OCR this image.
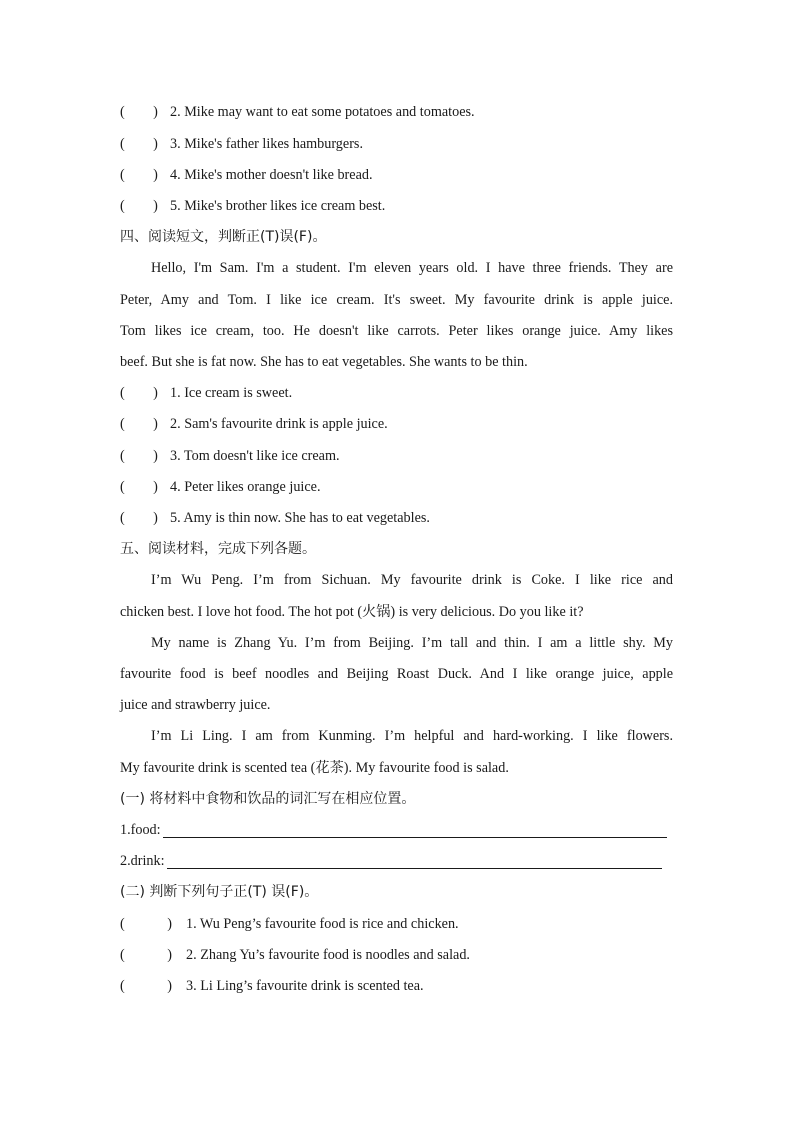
(        ) 2. Mike may want to eat some potatoes and tomatoes.
(        ) 3. Mike's father likes hamburgers.
(        ) 4. Mike's mother doesn't like bread.
(        ) 5. Mike's brother likes ice cream best.
四、阅读短文，判断正(T)误(F)。
Hello, I'm Sam. I'm a student. I'm eleven years old. I have three friends. They are
Peter, Amy and Tom. I like ice cream. It's sweet. My favourite drink is apple juice.
Tom likes ice cream, too. He doesn't like carrots. Peter likes orange juice. Amy likes
beef. But she is fat now. She has to eat vegetables. She wants to be thin.
(        ) 1. Ice cream is sweet.
(        ) 2. Sam's favourite drink is apple juice.
(        ) 3. Tom doesn't like ice cream.
(        ) 4. Peter likes orange juice.
(        ) 5. Amy is thin now. She has to eat vegetables.
五、阅读材料，完成下列各题。
I’m Wu Peng. I’m from Sichuan. My favourite drink is Coke. I like rice and
chicken best. I love hot food. The hot pot (火锅) is very delicious. Do you like it?
My name is Zhang Yu. I’m from Beijing. I’m tall and thin. I am a little shy. My
favourite food is beef noodles and Beijing Roast Duck. And I like orange juice, apple
juice and strawberry juice.
I’m Li Ling. I am from Kunming. I’m helpful and hard-working. I like flowers.
My favourite drink is scented tea (花茶). My favourite food is salad.
(一) 将材料中食物和饮品的词汇写在相应位置。
1.food:
2.drink:
(二) 判断下列句子正(T) 误(F)。
(            ) 1. Wu Peng’s favourite food is rice and chicken.
(            ) 2. Zhang Yu’s favourite food is noodles and salad.
(            ) 3. Li Ling’s favourite drink is scented tea.
